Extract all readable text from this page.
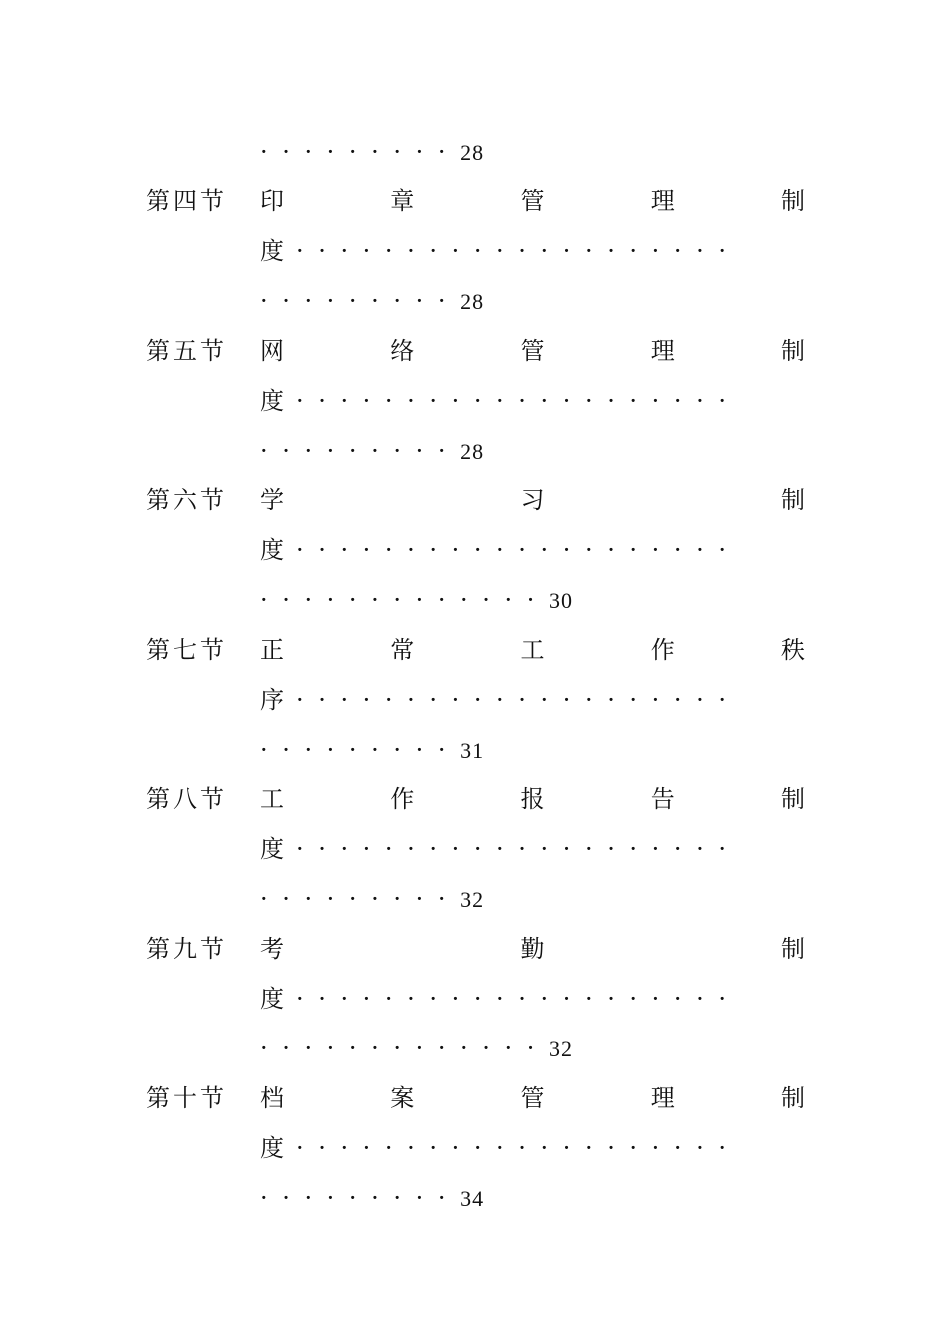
·········28
第四节 印	章	管	理	制
度 ····················
·········28
第五节 网	络	管	理	制
度 ····················
·········28
第六节 学	习	制
度 ····················
·············30
第七节 正	常	工	作	秩
序 ····················
·········31
第八节 工	作	报	告	制
度 ····················
·········32
第九节 考	勤	制
度 ····················
·············32
第十节 档	案	管	理	制
度 ····················
·········34
